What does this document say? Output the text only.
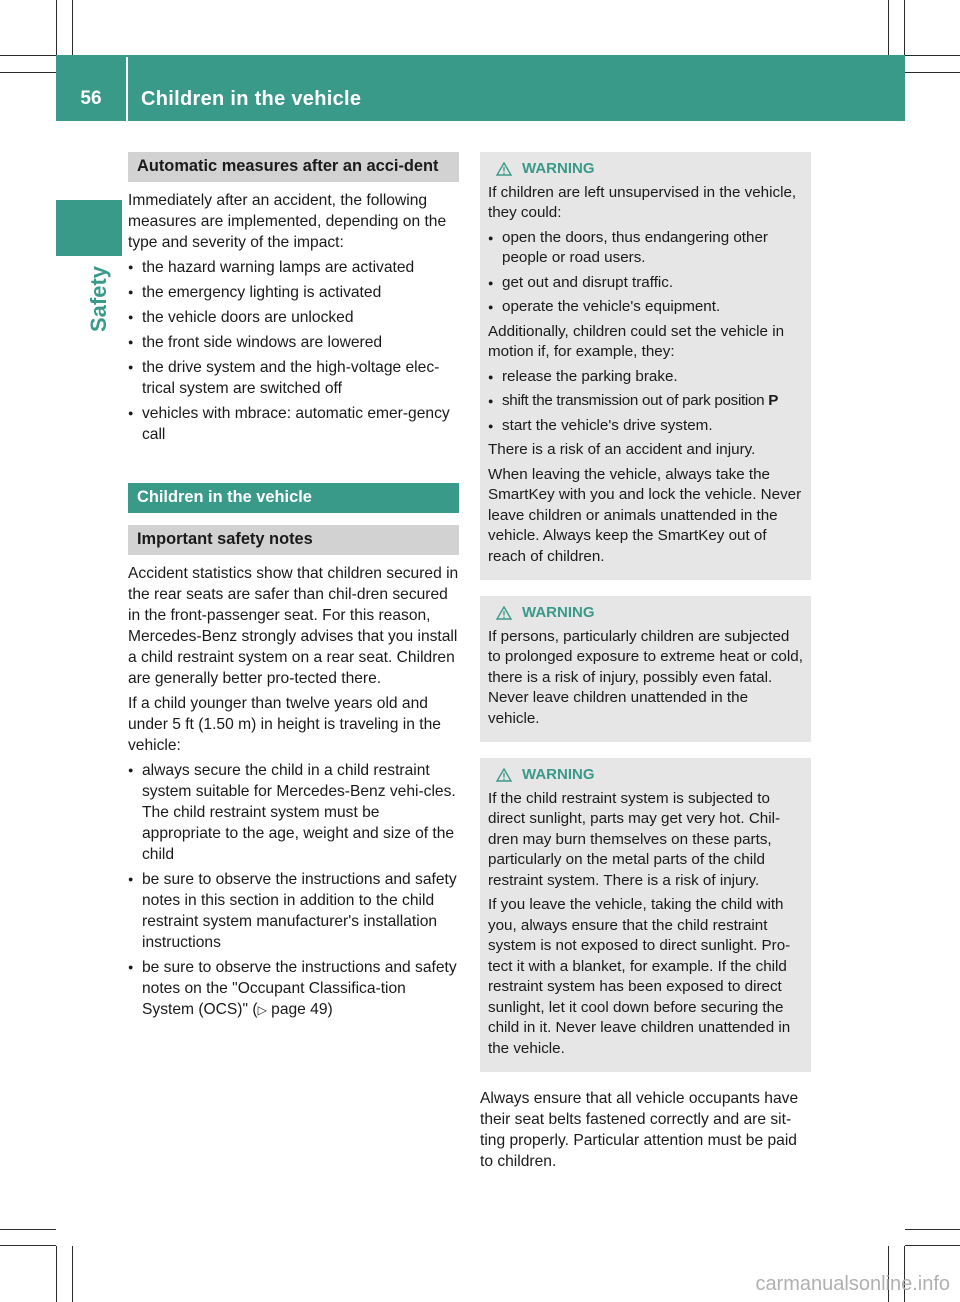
56	Children in the vehicle
Safety
Automatic measures after an acci-dent

Immediately after an accident, the following measures are implemented, depending on the type and severity of the impact:

● the hazard warning lamps are activated
● the emergency lighting is activated
● the vehicle doors are unlocked
● the front side windows are lowered
● the drive system and the high-voltage elec-trical system are switched off
● vehicles with mbrace: automatic emer-gency call
Children in the vehicle
Important safety notes

Accident statistics show that children secured in the rear seats are safer than chil-dren secured in the front-passenger seat. For this reason, Mercedes-Benz strongly advises that you install a child restraint system on a rear seat. Children are generally better pro-tected there.

If a child younger than twelve years old and under 5 ft (1.50 m) in height is traveling in the vehicle:

● always secure the child in a child restraint system suitable for Mercedes-Benz vehi-cles. The child restraint system must be appropriate to the age, weight and size of the child
● be sure to observe the instructions and safety notes in this section in addition to the child restraint system manufacturer's installation instructions
● be sure to observe the instructions and safety notes on the "Occupant Classifica-tion System (OCS)" (▷ page 49)
WARNING

If children are left unsupervised in the vehicle, they could:

● open the doors, thus endangering other people or road users.
● get out and disrupt traffic.
● operate the vehicle's equipment.

Additionally, children could set the vehicle in motion if, for example, they:

● release the parking brake.
● shift the transmission out of park position P
● start the vehicle's drive system.

There is a risk of an accident and injury.

When leaving the vehicle, always take the SmartKey with you and lock the vehicle. Never leave children or animals unattended in the vehicle. Always keep the SmartKey out of reach of children.

WARNING

If persons, particularly children are subjected to prolonged exposure to extreme heat or cold, there is a risk of injury, possibly even fatal. Never leave children unattended in the vehicle.

WARNING

If the child restraint system is subjected to direct sunlight, parts may get very hot. Chil-dren may burn themselves on these parts, particularly on the metal parts of the child restraint system. There is a risk of injury.

If you leave the vehicle, taking the child with you, always ensure that the child restraint system is not exposed to direct sunlight. Pro-tect it with a blanket, for example. If the child restraint system has been exposed to direct sunlight, let it cool down before securing the child in it. Never leave children unattended in the vehicle.

Always ensure that all vehicle occupants have their seat belts fastened correctly and are sit-ting properly. Particular attention must be paid to children.

carmanualsonline.info
